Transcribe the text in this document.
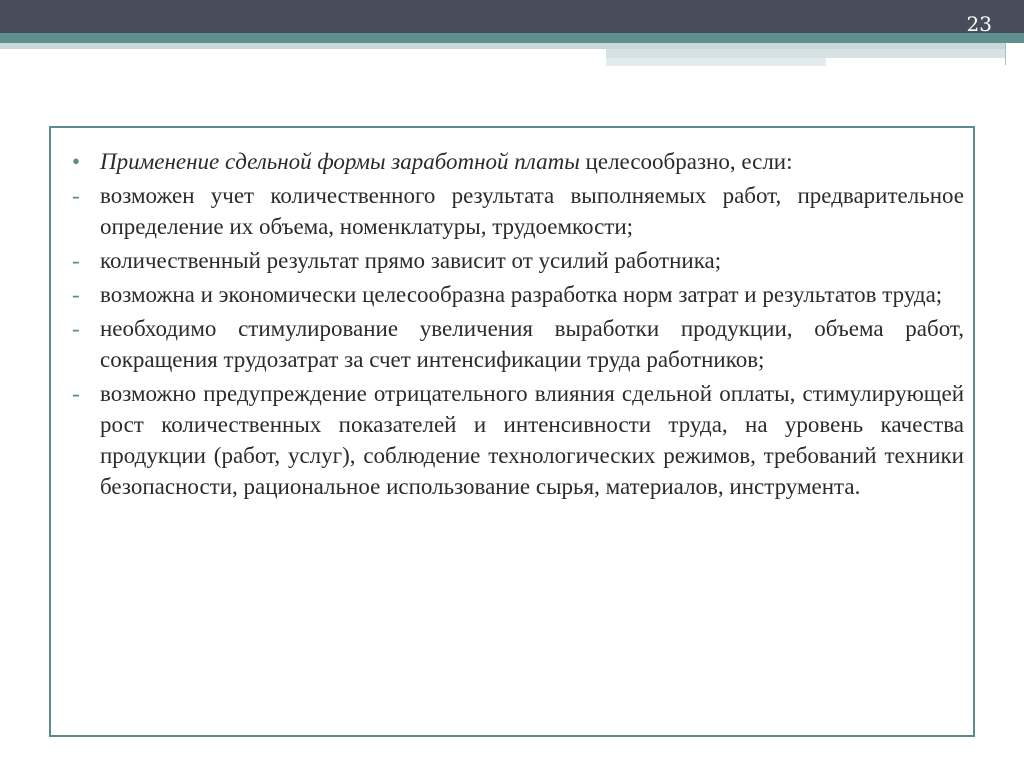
23
• Применение сдельной формы заработной платы целесообразно, если:
- возможен учет количественного результата выполняемых работ, предварительное определение их объема, номенклатуры, трудоемкости;
- количественный результат прямо зависит от усилий работника;
- возможна и экономически целесообразна разработка норм затрат и результатов труда;
- необходимо стимулирование увеличения выработки продукции, объема работ, сокращения трудозатрат за счет интенсификации труда работников;
- возможно предупреждение отрицательного влияния сдельной оплаты, стимулирующей рост количественных показателей и интенсивности труда, на уровень качества продукции (работ, услуг), соблюдение технологических режимов, требований техники безопасности, рациональное использование сырья, материалов, инструмента.
